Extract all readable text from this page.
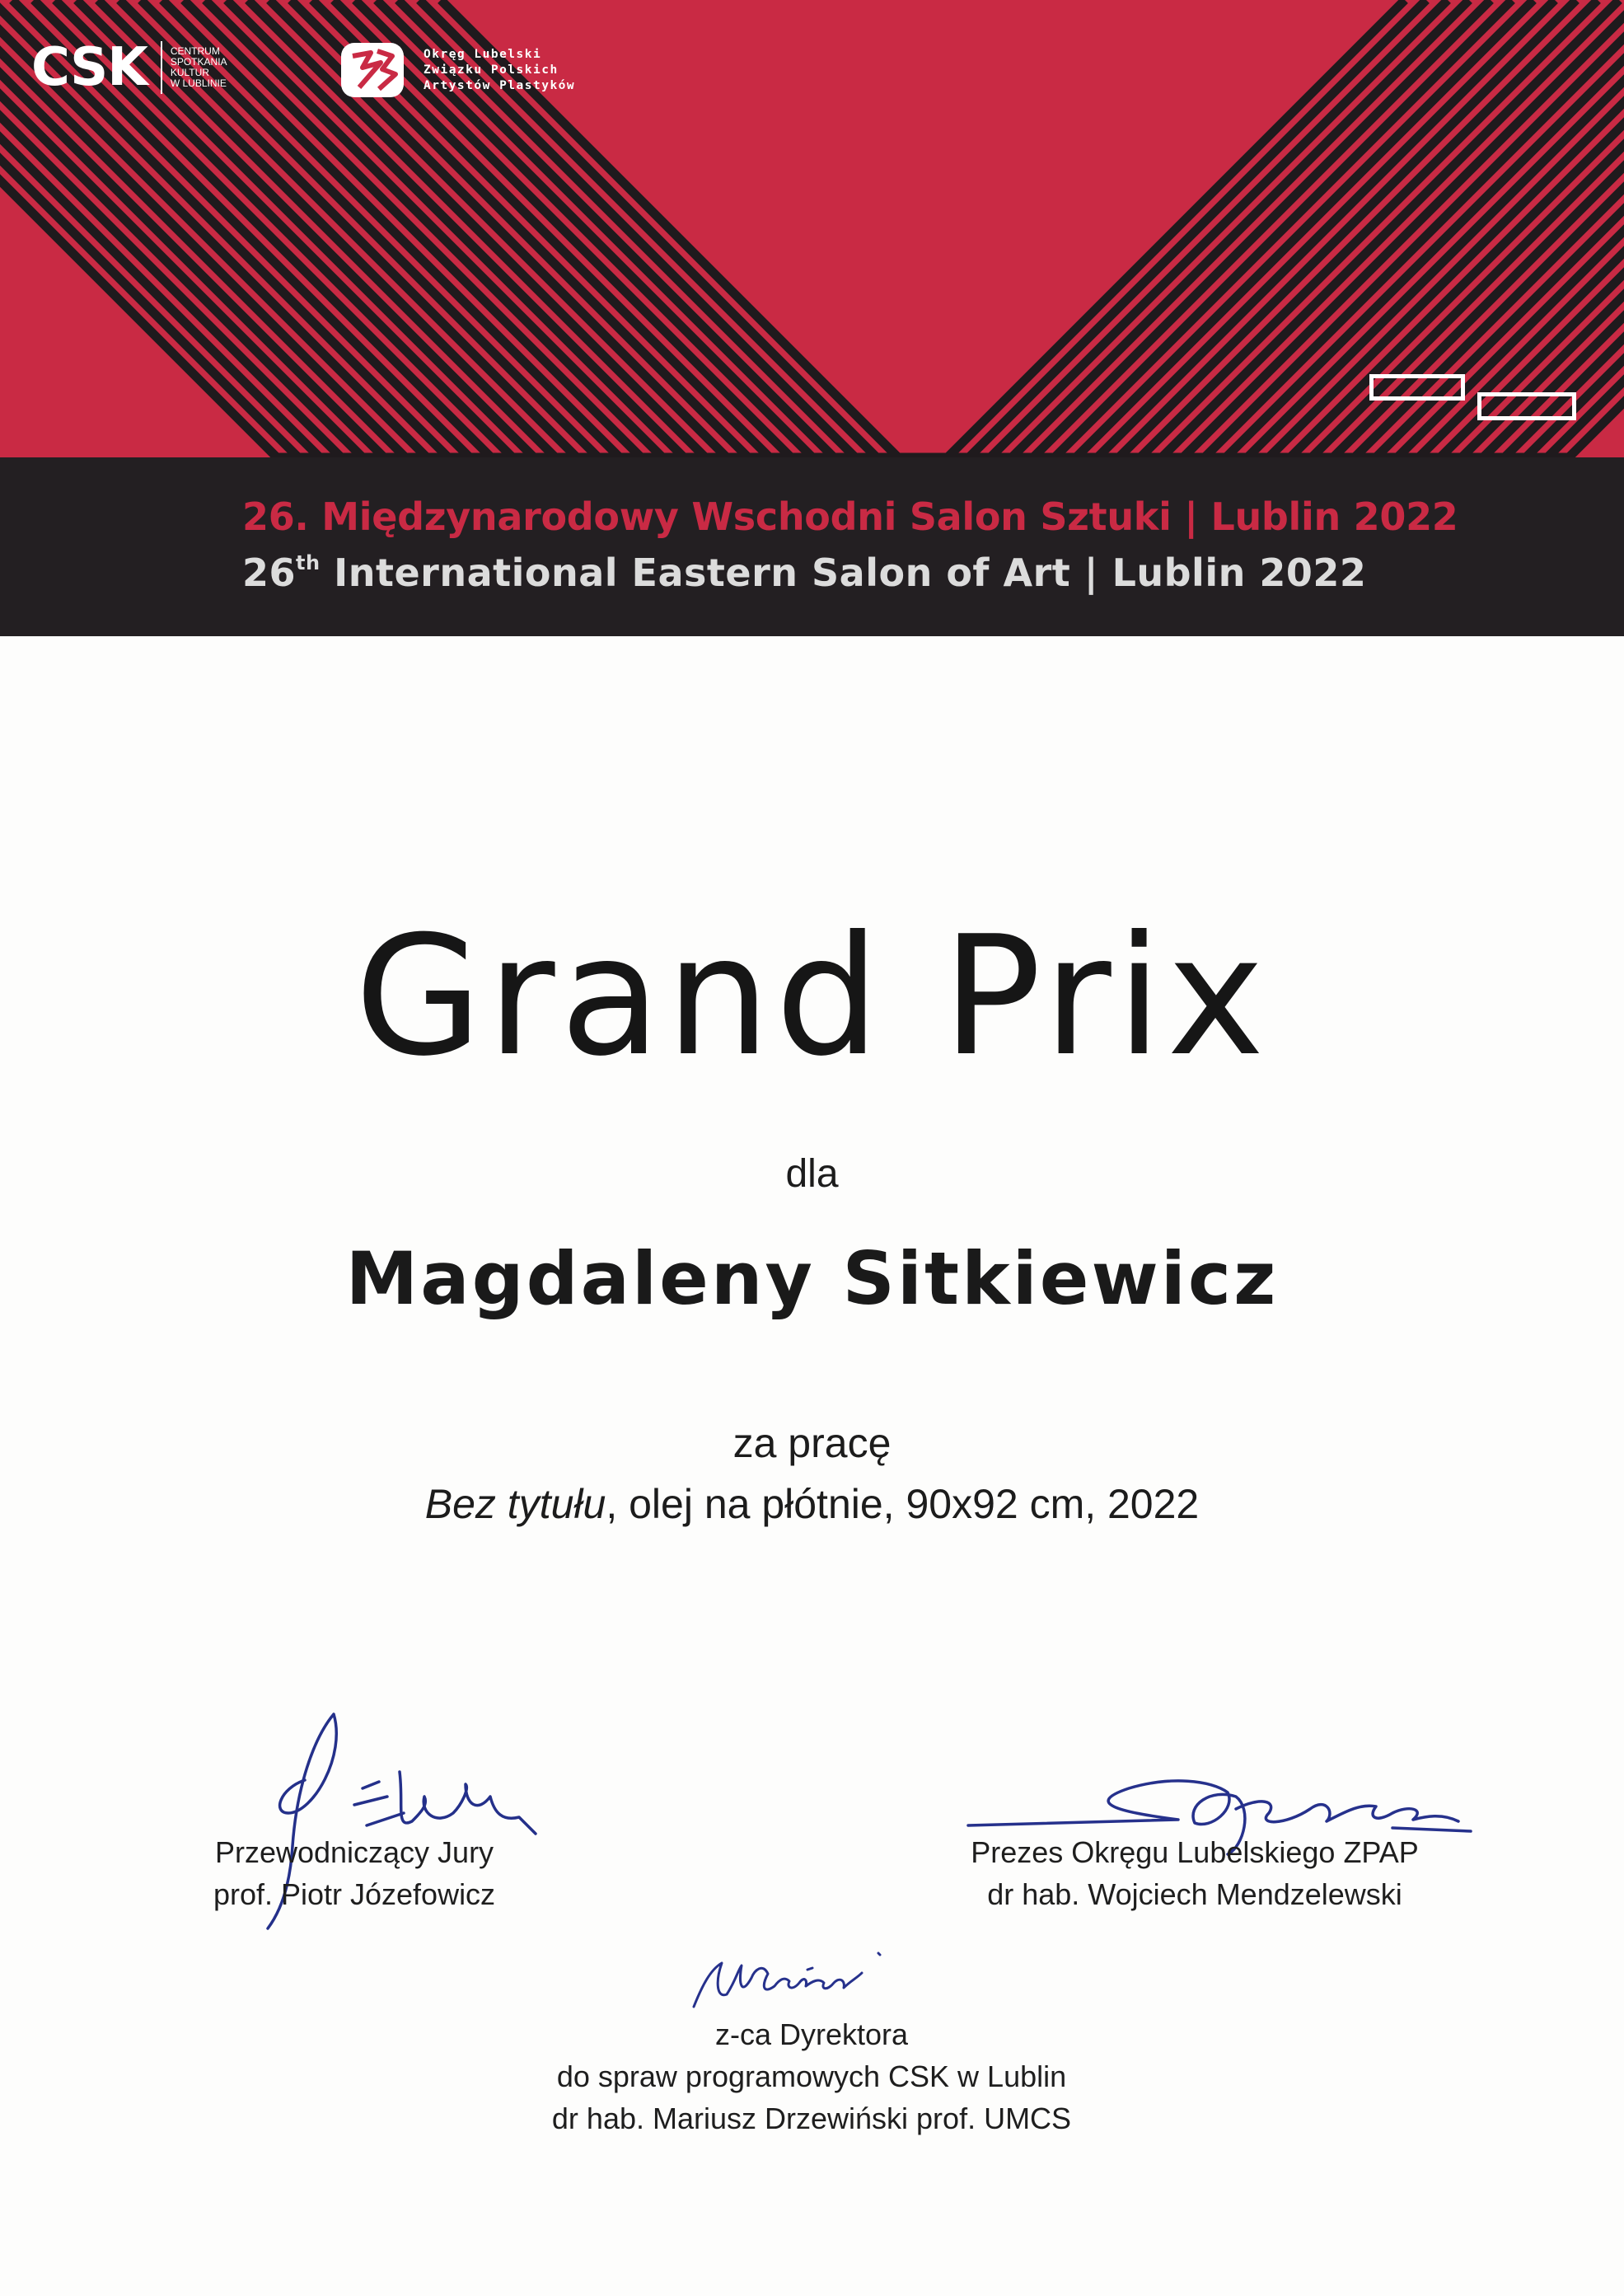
CSK CENTRUM
SPOTKANIA
KULTUR
W LUBLINIE
Okręg Lubelski
Związku Polskich
Artystów Plastyków
26. Międzynarodowy Wschodni Salon Sztuki | Lublin 2022
26th International Eastern Salon of Art | Lublin 2022
Grand Prix
dla
Magdaleny Sitkiewicz
za pracę
Bez tytułu, olej na płótnie, 90x92 cm, 2022
Przewodniczący Jury
prof. Piotr Józefowicz
Prezes Okręgu Lubelskiego ZPAP
dr hab. Wojciech Mendzelewski
z-ca Dyrektora
do spraw programowych CSK w Lublin
dr hab. Mariusz Drzewiński prof. UMCS
